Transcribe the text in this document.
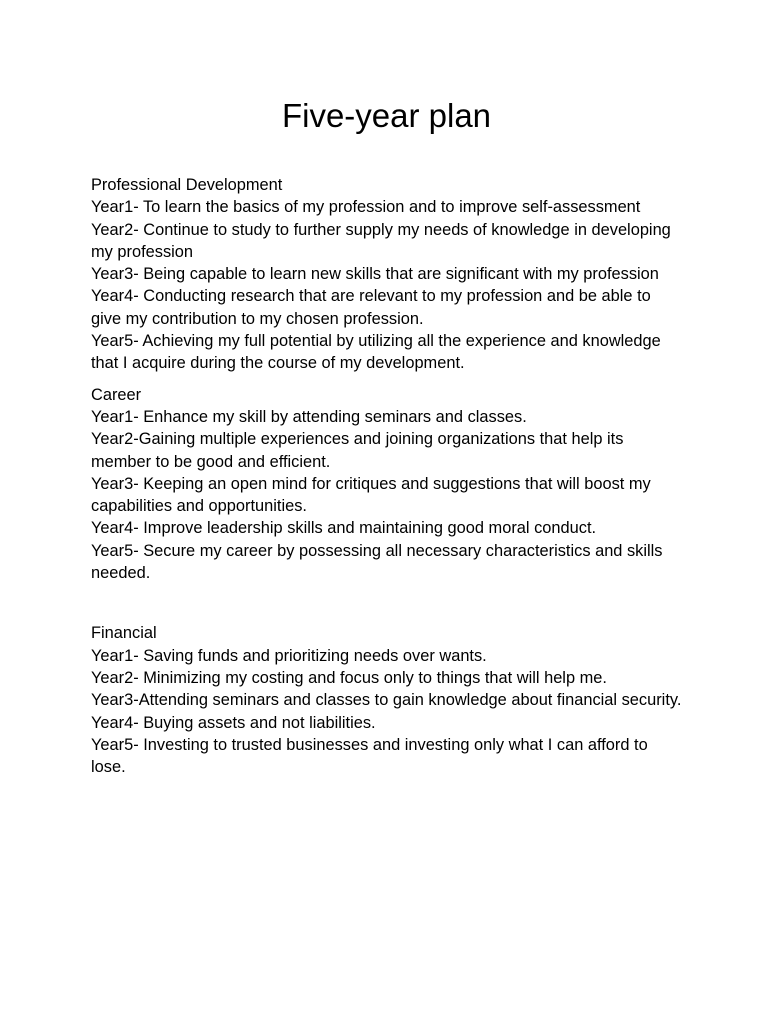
Five-year plan

Professional Development

Year1- To learn the basics of my profession and to improve self-assessment

Year2- Continue to study to further supply my needs of knowledge in developing my profession

Year3- Being capable to learn new skills that are significant with my profession

Year4- Conducting research that are relevant to my profession and be able to give my contribution to my chosen profession.

Year5- Achieving my full potential by utilizing all the experience and knowledge that I acquire during the course of my development.

Career

Year1- Enhance my skill by attending seminars and classes.

Year2-Gaining multiple experiences and joining organizations that help its member to be good and efficient.

Year3- Keeping an open mind for critiques and suggestions that will boost my capabilities and opportunities.

Year4- Improve leadership skills and maintaining good moral conduct.

Year5- Secure my career by possessing all necessary characteristics and skills needed.

Financial

Year1- Saving funds and prioritizing needs over wants.

Year2- Minimizing my costing and focus only to things that will help me.

Year3-Attending seminars and classes to gain knowledge about financial security.

Year4- Buying assets and not liabilities.

Year5- Investing to trusted businesses and investing only what I can afford to lose.
